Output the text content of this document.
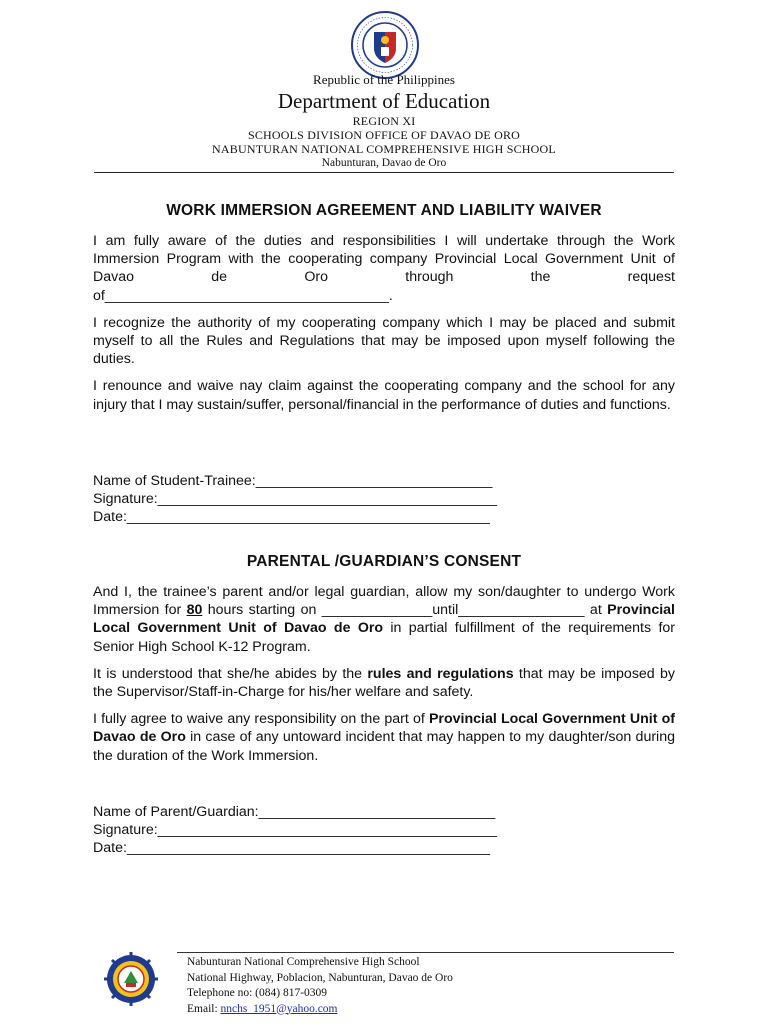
Republic of the Philippines
Department of Education
REGION XI
SCHOOLS DIVISION OFFICE OF DAVAO DE ORO
NABUNTURAN NATIONAL COMPREHENSIVE HIGH SCHOOL
Nabunturan, Davao de Oro
WORK IMMERSION AGREEMENT AND LIABILITY WAIVER

I am fully aware of the duties and responsibilities I will undertake through the Work Immersion Program with the cooperating company Provincial Local Government Unit of Davao de Oro through the request

of____________________________________.

I recognize the authority of my cooperating company which I may be placed and submit myself to all the Rules and Regulations that may be imposed upon myself following the duties.

I renounce and waive nay claim against the cooperating company and the school for any injury that I may sustain/suffer, personal/financial in the performance of duties and functions.

Name of Student-Trainee:______________________________

Signature:___________________________________________

Date:______________________________________________

PARENTAL /GUARDIAN’S CONSENT

And I, the trainee’s parent and/or legal guardian, allow my son/daughter to undergo Work Immersion for 80 hours starting on ______________until________________ at Provincial Local Government Unit of Davao de Oro in partial fulfillment of the requirements for Senior High School K-12 Program.

It is understood that she/he abides by the rules and regulations that may be imposed by the Supervisor/Staff-in-Charge for his/her welfare and safety.

I fully agree to waive any responsibility on the part of Provincial Local Government Unit of Davao de Oro in case of any untoward incident that may happen to my daughter/son during the duration of the Work Immersion.

Name of Parent/Guardian:______________________________

Signature:___________________________________________

Date:______________________________________________

Nabunturan National Comprehensive High School
National Highway, Poblacion, Nabunturan, Davao de Oro
Telephone no: (084) 817-0309
Email: nnchs_1951@yahoo.com
